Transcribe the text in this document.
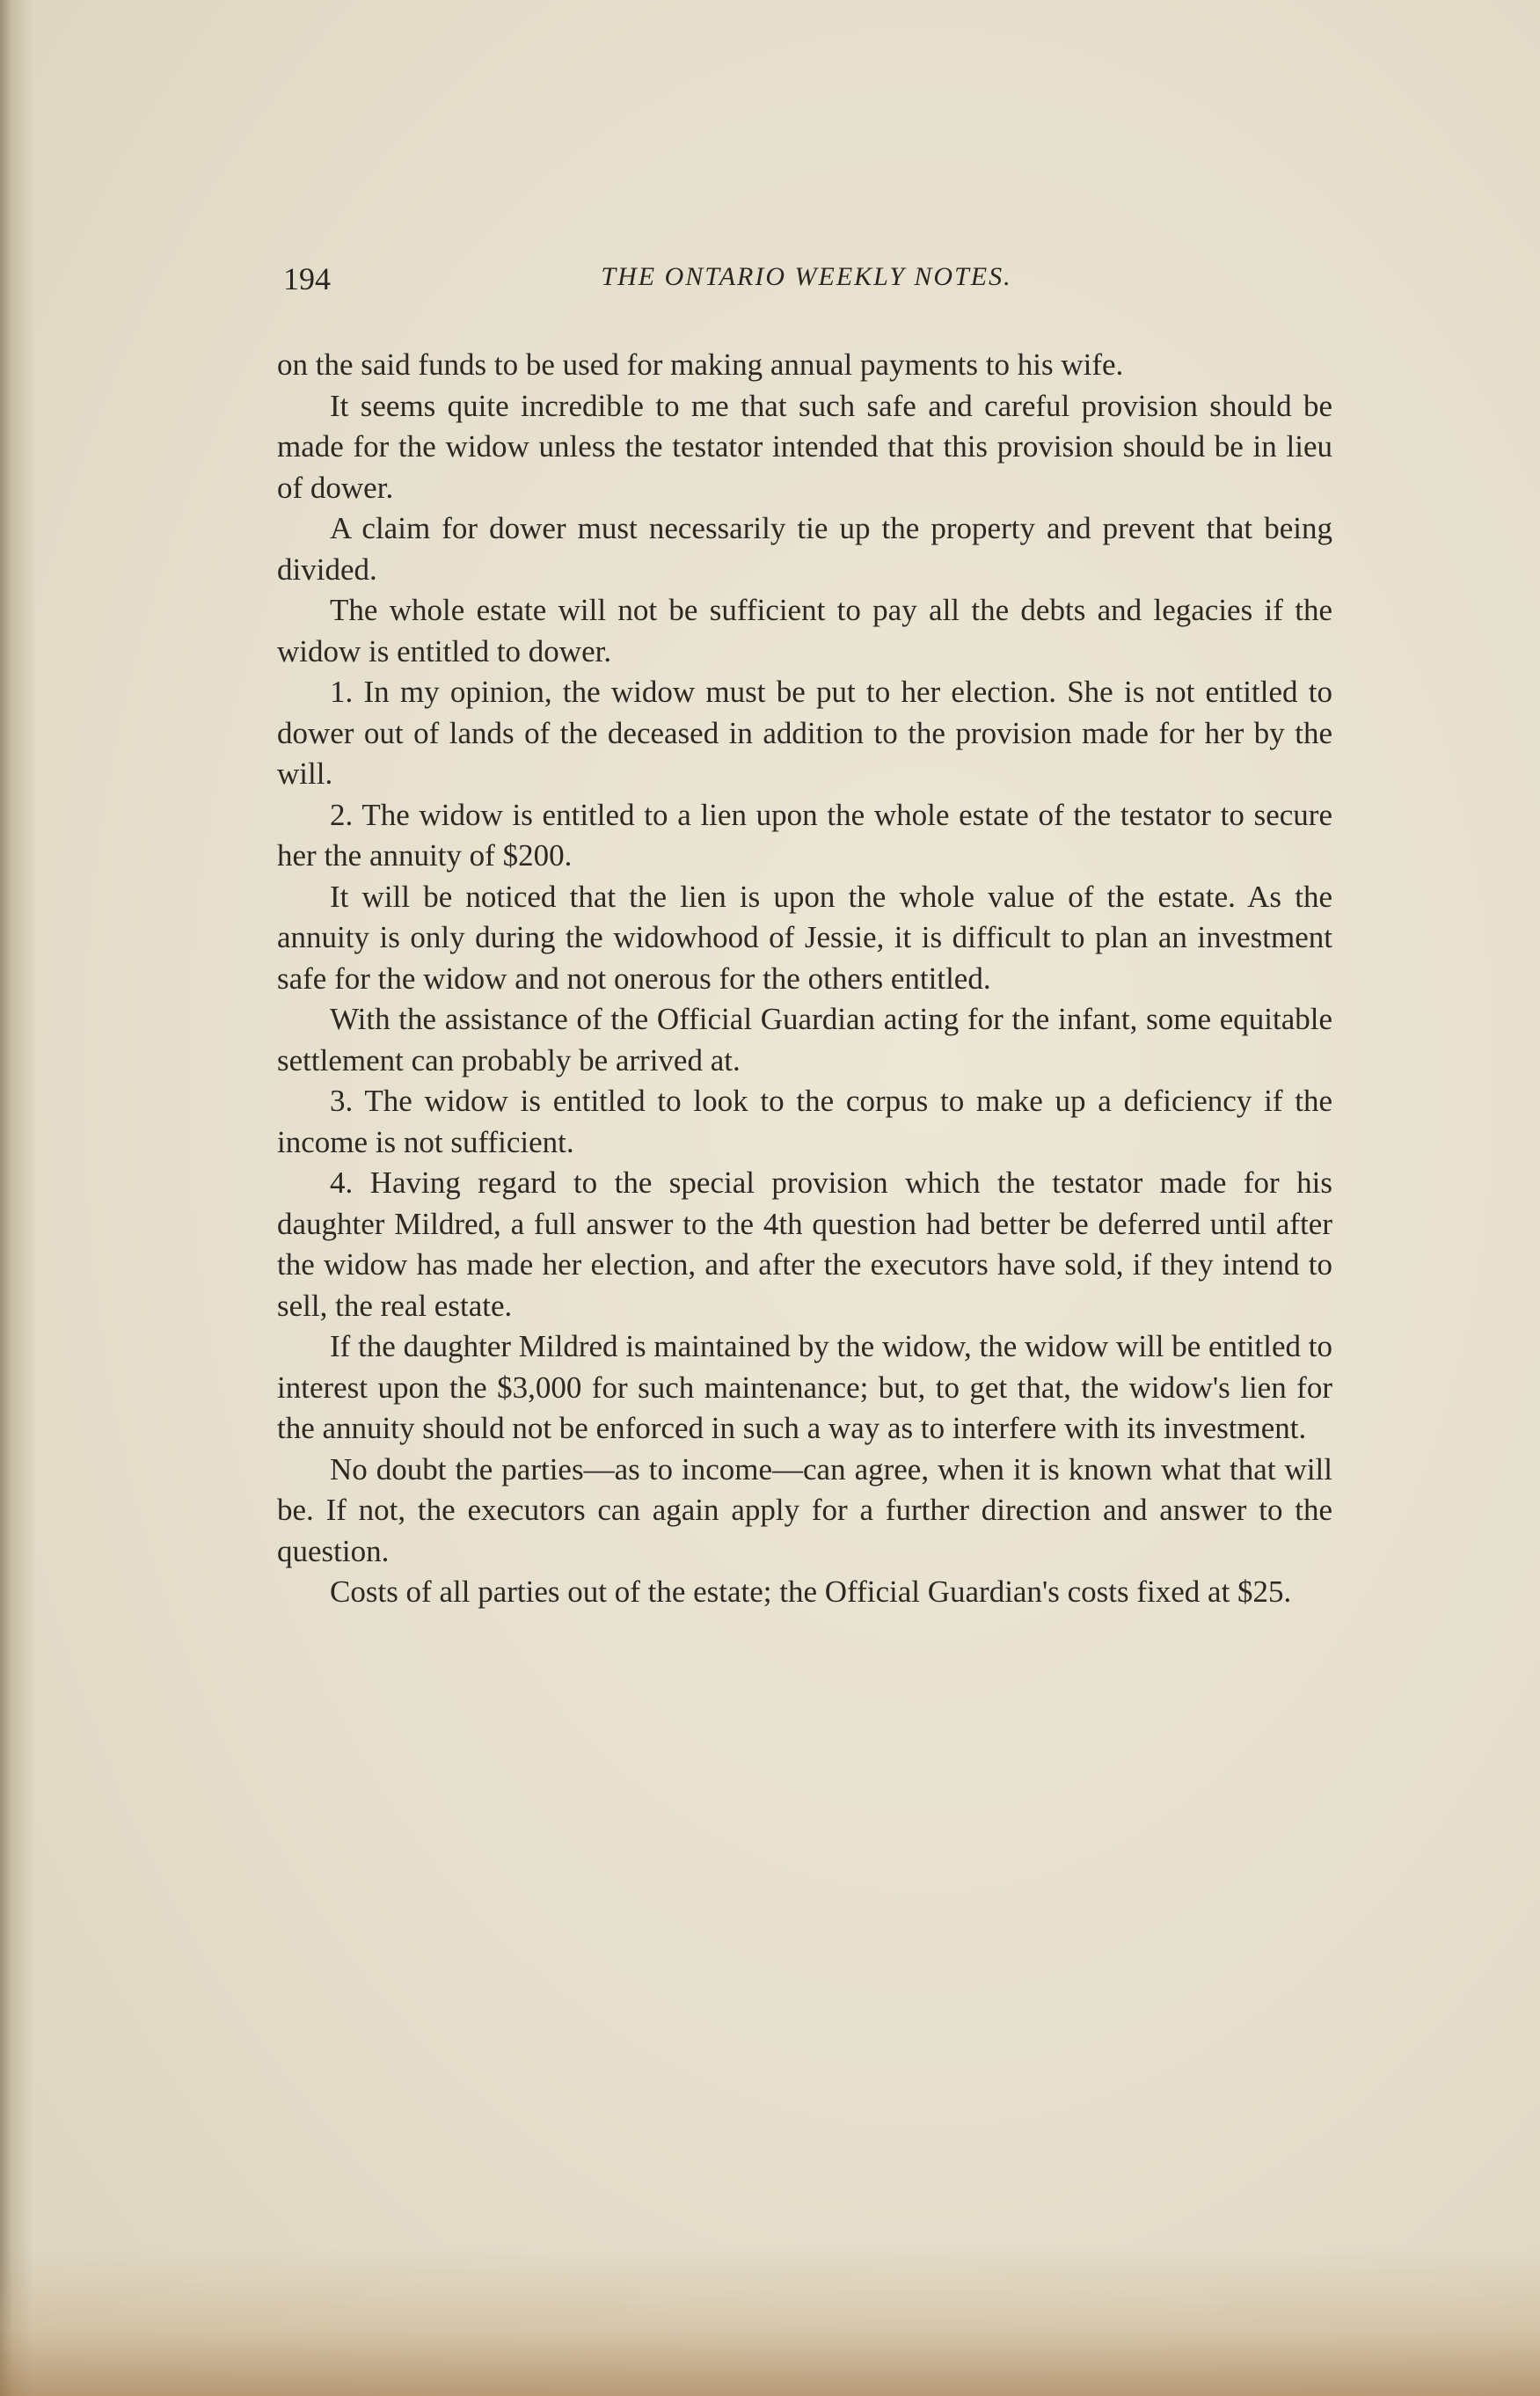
194	THE ONTARIO WEEKLY NOTES.

on the said funds to be used for making annual payments to his wife.

It seems quite incredible to me that such safe and careful provision should be made for the widow unless the testator intended that this provision should be in lieu of dower.

A claim for dower must necessarily tie up the property and prevent that being divided.

The whole estate will not be sufficient to pay all the debts and legacies if the widow is entitled to dower.

1. In my opinion, the widow must be put to her election. She is not entitled to dower out of lands of the deceased in addition to the provision made for her by the will.

2. The widow is entitled to a lien upon the whole estate of the testator to secure her the annuity of $200.

It will be noticed that the lien is upon the whole value of the estate. As the annuity is only during the widowhood of Jessie, it is difficult to plan an investment safe for the widow and not onerous for the others entitled.

With the assistance of the Official Guardian acting for the infant, some equitable settlement can probably be arrived at.

3. The widow is entitled to look to the corpus to make up a deficiency if the income is not sufficient.

4. Having regard to the special provision which the testator made for his daughter Mildred, a full answer to the 4th question had better be deferred until after the widow has made her election, and after the executors have sold, if they intend to sell, the real estate.

If the daughter Mildred is maintained by the widow, the widow will be entitled to interest upon the $3,000 for such maintenance; but, to get that, the widow's lien for the annuity should not be enforced in such a way as to interfere with its investment.

No doubt the parties—as to income—can agree, when it is known what that will be. If not, the executors can again apply for a further direction and answer to the question.

Costs of all parties out of the estate; the Official Guardian's costs fixed at $25.
